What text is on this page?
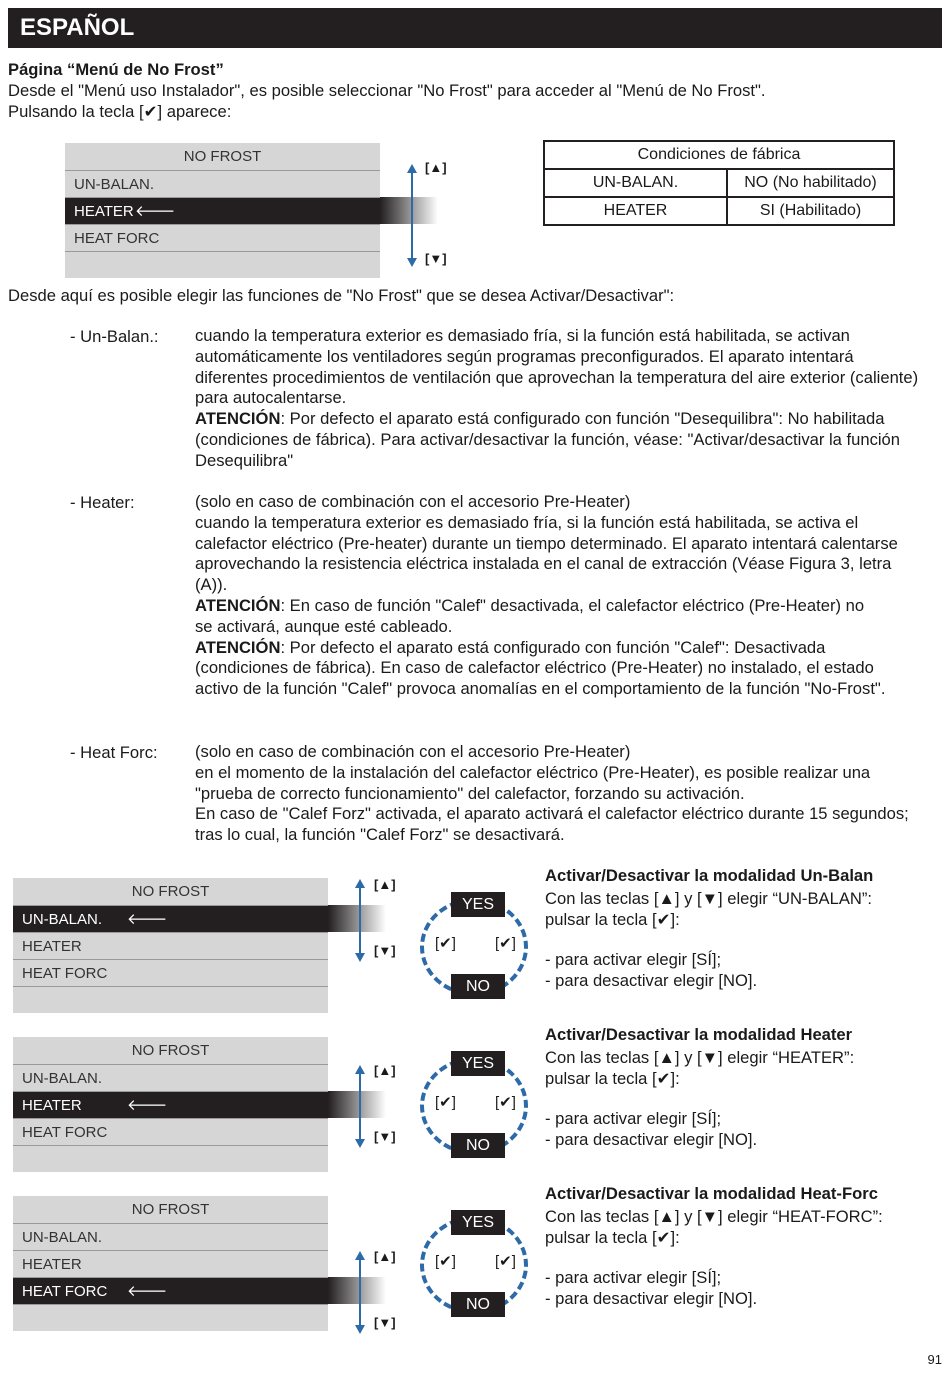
ESPAÑOL
Página “Menú de No Frost”
Desde el "Menú uso Instalador", es posible seleccionar "No Frost" para acceder al "Menú de No Frost".
Pulsando la tecla [✔] aparece:
NO FROST
UN-BALAN.
HEATER 🡐
HEAT FORC
[▲]
[▼]
Condiciones de fábrica	
UN-BALAN.	NO (No habilitado)
HEATER	SI (Habilitado)
Desde aquí es posible elegir las funciones de "No Frost" que se desea Activar/Desactivar":
- Un-Balan.: cuando la temperatura exterior es demasiado fría, si la función está habilitada, se activan

automáticamente los ventiladores según programas preconfigurados. El aparato intentará

diferentes procedimientos de ventilación que aprovechan la temperatura del aire exterior (caliente)

para autocalentarse.

ATENCIÓN: Por defecto el aparato está configurado con función "Desequilibra": No habilitada

(condiciones de fábrica). Para activar/desactivar la función, véase: "Activar/desactivar la función

Desequilibra"

- Heater:	(solo en caso de combinación con el accesorio Pre-Heater)

cuando la temperatura exterior es demasiado fría, si la función está habilitada, se activa el

calefactor eléctrico (Pre-heater) durante un tiempo determinado. El aparato intentará calentarse

aprovechando la resistencia eléctrica instalada en el canal de extracción (Véase Figura 3, letra

(A)).

ATENCIÓN: En caso de función "Calef" desactivada, el calefactor eléctrico (Pre-Heater) no

se activará, aunque esté cableado.

ATENCIÓN: Por defecto el aparato está configurado con función "Calef": Desactivada

(condiciones de fábrica). En caso de calefactor eléctrico (Pre-Heater) no instalado, el estado

activo de la función "Calef" provoca anomalías en el comportamiento de la función "No-Frost".

- Heat Forc: (solo en caso de combinación con el accesorio Pre-Heater)

en el momento de la instalación del calefactor eléctrico (Pre-Heater), es posible realizar una

"prueba de correcto funcionamiento" del calefactor, forzando su activación.

En caso de "Calef Forz" activada, el aparato activará el calefactor eléctrico durante 15 segundos;

tras lo cual, la función "Calef Forz" se desactivará.

NO FROST
UN-BALAN. 🡐
HEATER
HEAT FORC
[▲]
[▼]
YES
NO
[✔]	[✔]
Activar/Desactivar la modalidad Un-Balan
Con las teclas [▲] y [▼] elegir “UN-BALAN”:
pulsar la tecla [✔]:
- para activar elegir [SÍ];
- para desactivar elegir [NO].
NO FROST
UN-BALAN.
HEATER	🡐
HEAT FORC
[▲]
[▼]
YES
NO
[✔]	[✔]
Activar/Desactivar la modalidad Heater
Con las teclas [▲] y [▼] elegir “HEATER”:
pulsar la tecla [✔]:
- para activar elegir [SÍ];
- para desactivar elegir [NO].
NO FROST
UN-BALAN.
HEATER
HEAT FORC 🡐
[▲]
[▼]
YES
NO
[✔]	[✔]
Activar/Desactivar la modalidad Heat-Forc
Con las teclas [▲] y [▼] elegir “HEAT-FORC”:
pulsar la tecla [✔]:
- para activar elegir [SÍ];
- para desactivar elegir [NO].
91
